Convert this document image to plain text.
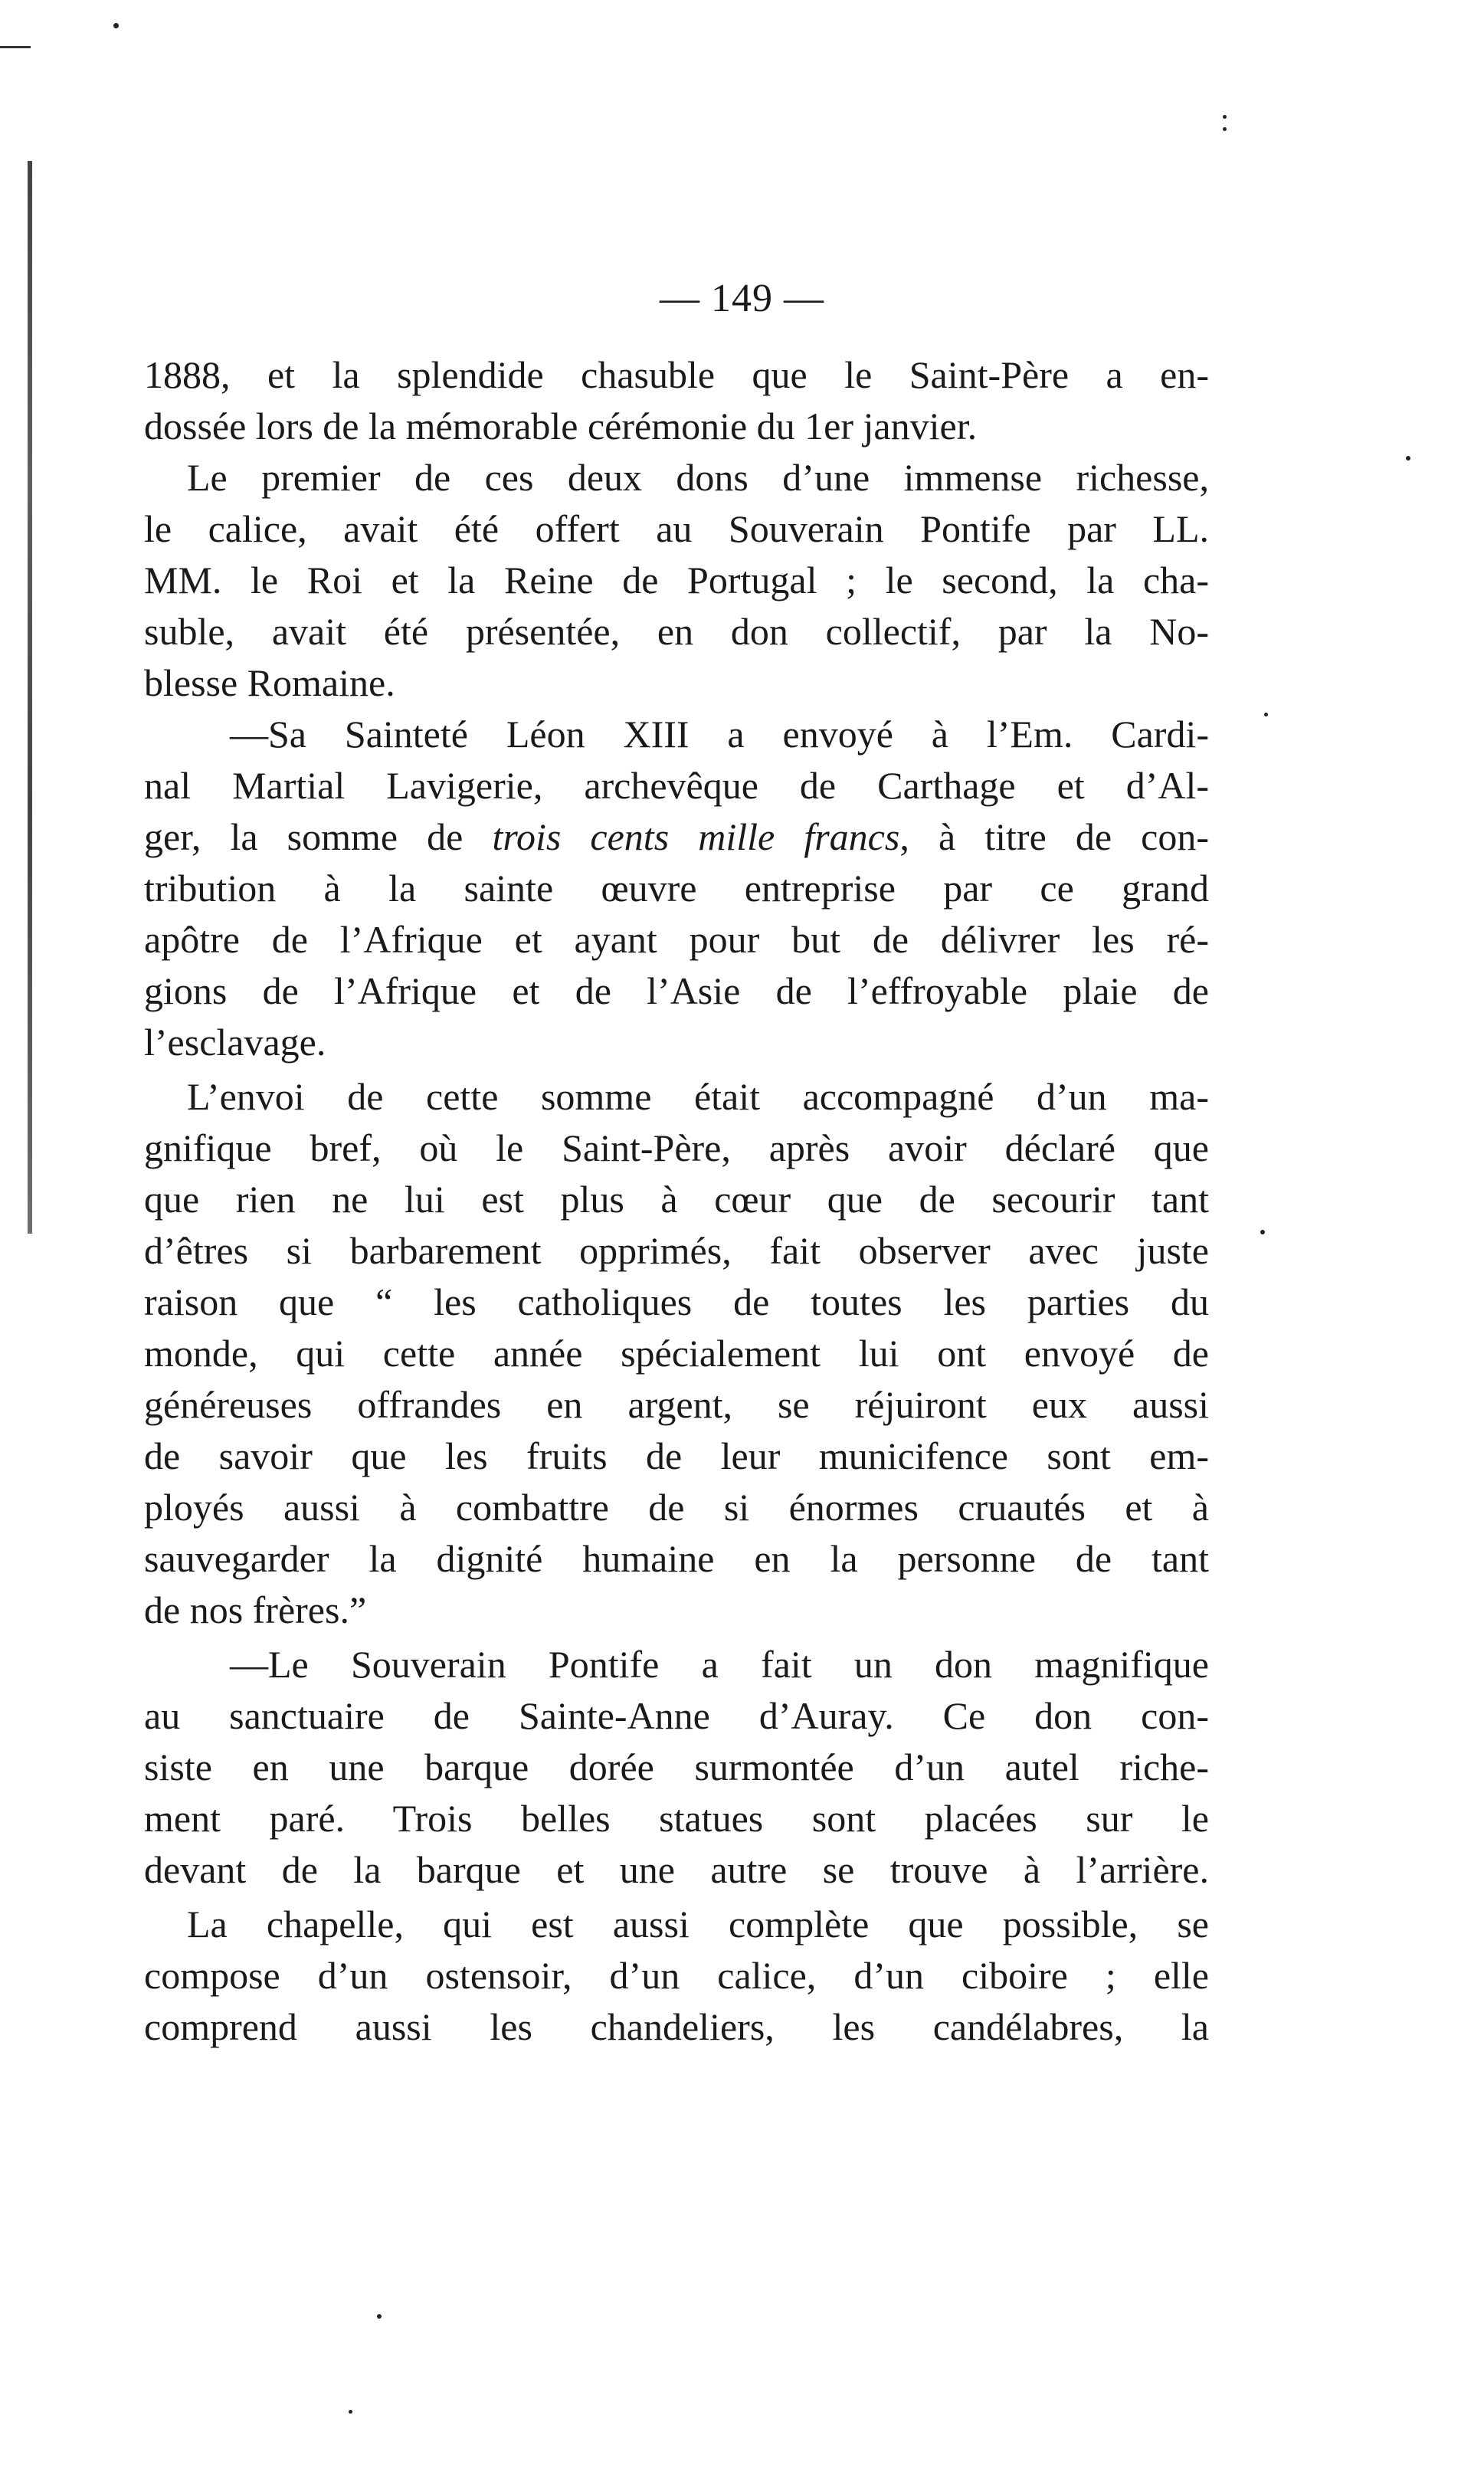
— 149 —
1888, et la splendide chasuble que le Saint-Père a en-
dossée lors de la mémorable cérémonie du 1er janvier.
Le premier de ces deux dons d’une immense richesse,
le calice, avait été offert au Souverain Pontife par LL.
MM. le Roi et la Reine de Portugal ; le second, la cha-
suble, avait été présentée, en don collectif, par la No-
blesse Romaine.
—Sa Sainteté Léon XIII a envoyé à l’Em. Cardi-
nal Martial Lavigerie, archevêque de Carthage et d’Al-
ger, la somme de trois cents mille francs, à titre de con-
tribution à la sainte œuvre entreprise par ce grand
apôtre de l’Afrique et ayant pour but de délivrer les ré-
gions de l’Afrique et de l’Asie de l’effroyable plaie de
l’esclavage.
L’envoi de cette somme était accompagné d’un ma-
gnifique bref, où le Saint-Père, après avoir déclaré que
que rien ne lui est plus à cœur que de secourir tant
d’êtres si barbarement opprimés, fait observer avec juste
raison que “ les catholiques de toutes les parties du
monde, qui cette année spécialement lui ont envoyé de
généreuses offrandes en argent, se réjuiront eux aussi
de savoir que les fruits de leur municifence sont em-
ployés aussi à combattre de si énormes cruautés et à
sauvegarder la dignité humaine en la personne de tant
de nos frères.”
—Le Souverain Pontife a fait un don magnifique
au sanctuaire de Sainte-Anne d’Auray. Ce don con-
siste en une barque dorée surmontée d’un autel riche-
ment paré. Trois belles statues sont placées sur le
devant de la barque et une autre se trouve à l’arrière.
La chapelle, qui est aussi complète que possible, se
compose d’un ostensoir, d’un calice, d’un ciboire ; elle
comprend aussi les chandeliers, les candélabres, la
